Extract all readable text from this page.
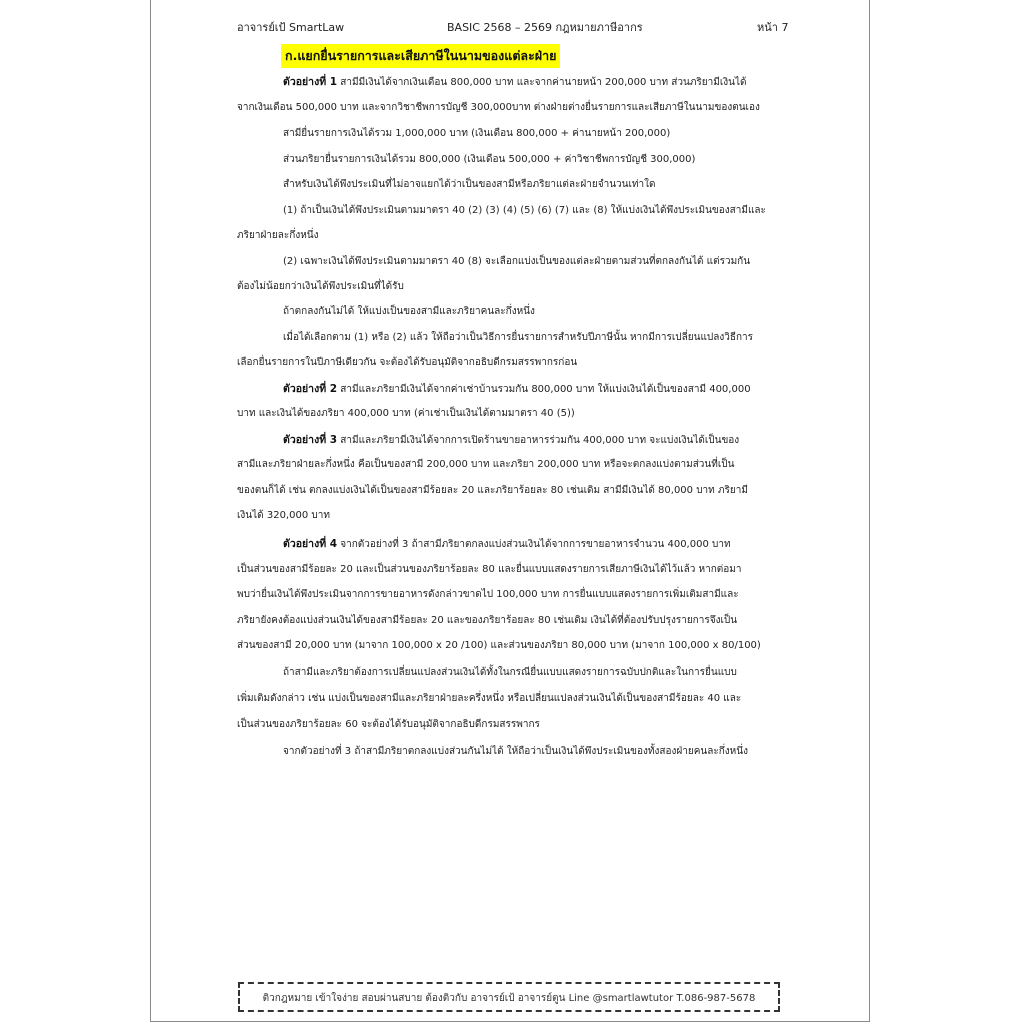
อาจารย์เป้ SmartLaw	BASIC 2568 – 2569 กฎหมายภาษีอากร	หน้า 7
ก.แยกยื่นรายการและเสียภาษีในนามของแต่ละฝ่าย
ตัวอย่างที่ 1 สามีมีเงินได้จากเงินเดือน 800,000 บาท และจากค่านายหน้า 200,000 บาท ส่วนภริยามีเงินได้
จากเงินเดือน 500,000 บาท และจากวิชาชีพการบัญชี 300,000บาท ต่างฝ่ายต่างยื่นรายการและเสียภาษีในนามของตนเอง
สามียื่นรายการเงินได้รวม 1,000,000 บาท (เงินเดือน 800,000 + ค่านายหน้า 200,000)
ส่วนภริยายื่นรายการเงินได้รวม 800,000 (เงินเดือน 500,000 + ค่าวิชาชีพการบัญชี 300,000)
สำหรับเงินได้พึงประเมินที่ไม่อาจแยกได้ว่าเป็นของสามีหรือภริยาแต่ละฝ่ายจำนวนเท่าใด
(1) ถ้าเป็นเงินได้พึงประเมินตามมาตรา 40 (2) (3) (4) (5) (6) (7) และ (8) ให้แบ่งเงินได้พึงประเมินของสามีและ
ภริยาฝ่ายละกึ่งหนึ่ง
(2) เฉพาะเงินได้พึงประเมินตามมาตรา 40 (8) จะเลือกแบ่งเป็นของแต่ละฝ่ายตามส่วนที่ตกลงกันได้ แต่รวมกัน
ต้องไม่น้อยกว่าเงินได้พึงประเมินที่ได้รับ
ถ้าตกลงกันไม่ได้ ให้แบ่งเป็นของสามีและภริยาคนละกึ่งหนึ่ง
เมื่อได้เลือกตาม (1) หรือ (2) แล้ว ให้ถือว่าเป็นวิธีการยื่นรายการสำหรับปีภาษีนั้น หากมีการเปลี่ยนแปลงวิธีการ
เลือกยื่นรายการในปีภาษีเดียวกัน จะต้องได้รับอนุมัติจากอธิบดีกรมสรรพากรก่อน
ตัวอย่างที่ 2 สามีและภริยามีเงินได้จากค่าเช่าบ้านรวมกัน 800,000 บาท ให้แบ่งเงินได้เป็นของสามี 400,000
บาท และเงินได้ของภริยา 400,000 บาท (ค่าเช่าเป็นเงินได้ตามมาตรา 40 (5))
ตัวอย่างที่ 3 สามีและภริยามีเงินได้จากการเปิดร้านขายอาหารร่วมกัน 400,000 บาท จะแบ่งเงินได้เป็นของ
สามีและภริยาฝ่ายละกึ่งหนึ่ง คือเป็นของสามี 200,000 บาท และภริยา 200,000 บาท หรือจะตกลงแบ่งตามส่วนที่เป็น
ของตนก็ได้ เช่น ตกลงแบ่งเงินได้เป็นของสามีร้อยละ 20 และภริยาร้อยละ 80 เช่นเดิม สามีมีเงินได้ 80,000 บาท ภริยามี
เงินได้ 320,000 บาท
ตัวอย่างที่ 4 จากตัวอย่างที่ 3 ถ้าสามีภริยาตกลงแบ่งส่วนเงินได้จากการขายอาหารจำนวน 400,000 บาท
เป็นส่วนของสามีร้อยละ 20 และเป็นส่วนของภริยาร้อยละ 80 และยื่นแบบแสดงรายการเสียภาษีเงินได้ไว้แล้ว หากต่อมา
พบว่ายื่นเงินได้พึงประเมินจากการขายอาหารดังกล่าวขาดไป 100,000 บาท การยื่นแบบแสดงรายการเพิ่มเติมสามีและ
ภริยายังคงต้องแบ่งส่วนเงินได้ของสามีร้อยละ 20 และของภริยาร้อยละ 80 เช่นเดิม เงินได้ที่ต้องปรับปรุงรายการจึงเป็น
ส่วนของสามี 20,000 บาท (มาจาก 100,000 x 20 /100) และส่วนของภริยา 80,000 บาท (มาจาก 100,000 x 80/100)
ถ้าสามีและภริยาต้องการเปลี่ยนแปลงส่วนเงินได้ทั้งในกรณียื่นแบบแสดงรายการฉบับปกติและในการยื่นแบบ
เพิ่มเติมดังกล่าว เช่น แบ่งเป็นของสามีและภริยาฝ่ายละครึ่งหนึ่ง หรือเปลี่ยนแปลงส่วนเงินได้เป็นของสามีร้อยละ 40 และ
เป็นส่วนของภริยาร้อยละ 60 จะต้องได้รับอนุมัติจากอธิบดีกรมสรรพากร
จากตัวอย่างที่ 3 ถ้าสามีภริยาตกลงแบ่งส่วนกันไม่ได้ ให้ถือว่าเป็นเงินได้พึงประเมินของทั้งสองฝ่ายคนละกึ่งหนึ่ง
ติวกฎหมาย เข้าใจง่าย สอบผ่านสบาย ต้องติวกับ อาจารย์เป้ อาจารย์ตูน Line @smartlawtutor T.086-987-5678
